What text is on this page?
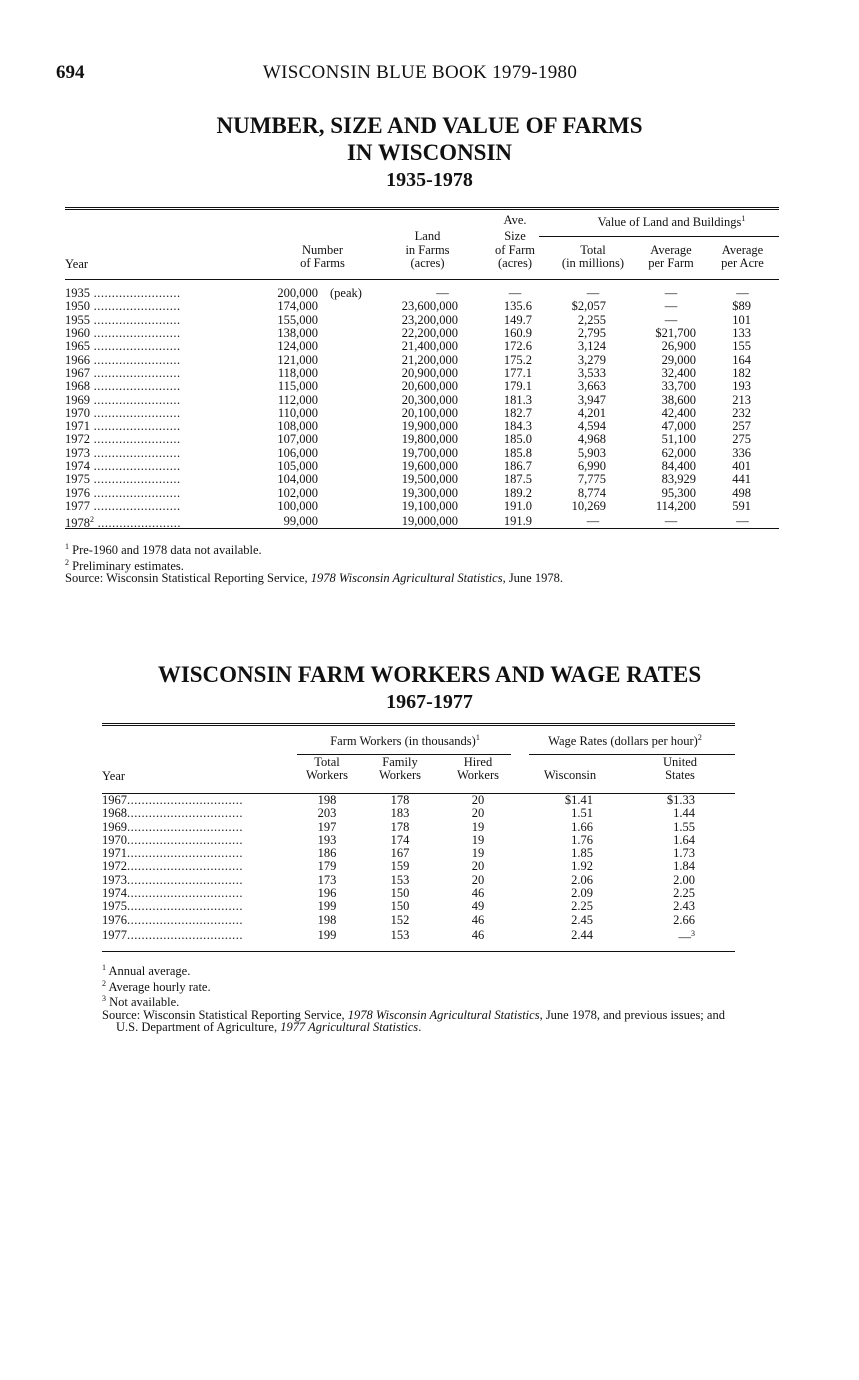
694	WISCONSIN BLUE BOOK 1979-1980
NUMBER, SIZE AND VALUE OF FARMS
IN WISCONSIN
1935-1978
			Ave.	Value of Land and Buildings$^1$
		Land	Size			
	Number	in Farms	of Farm	Total	Average	Average
Year	of Farms	(acres)	(acres)	(in millions)	per Farm	per Acre

1935 ........................	200,000 (peak)	—	—	—	—	—
1950 ........................	174,000	23,600,000	135.6	$2,057	—	$89
1955 ........................	155,000	23,200,000	149.7	2,255	—	101
1960 ........................	138,000	22,200,000	160.9	2,795	$21,700	133
1965 ........................	124,000	21,400,000	172.6	3,124	26,900	155
1966 ........................	121,000	21,200,000	175.2	3,279	29,000	164
1967 ........................	118,000	20,900,000	177.1	3,533	32,400	182
1968 ........................	115,000	20,600,000	179.1	3,663	33,700	193
1969 ........................	112,000	20,300,000	181.3	3,947	38,600	213
1970 ........................	110,000	20,100,000	182.7	4,201	42,400	232
1971 ........................	108,000	19,900,000	184.3	4,594	47,000	257
1972 ........................	107,000	19,800,000	185.0	4,968	51,100	275
1973 ........................	106,000	19,700,000	185.8	5,903	62,000	336
1974 ........................	105,000	19,600,000	186.7	6,990	84,400	401
1975 ........................	104,000	19,500,000	187.5	7,775	83,929	441
1976 ........................	102,000	19,300,000	189.2	8,774	95,300	498
1977 ........................	100,000	19,100,000	191.0	10,269	114,200	591
1978$^2$ .......................	99,000	19,000,000	191.9	—	—	—
$^1$ Pre-1960 and 1978 data not available.
$^2$ Preliminary estimates.
Source: Wisconsin Statistical Reporting Service, 1978 Wisconsin Agricultural Statistics, June 1978.
WISCONSIN FARM WORKERS AND WAGE RATES
1967-1977
	Farm Workers (in thousands)$^1$			Wage Rates (dollars per hour)$^2$
	Total	Family	Hired		United
Year	Workers	Workers	Workers	Wisconsin	States

1967................................	198	178	20	$1.41	$1.33
1968................................	203	183	20	1.51	1.44
1969................................	197	178	19	1.66	1.55
1970................................	193	174	19	1.76	1.64
1971................................	186	167	19	1.85	1.73
1972................................	179	159	20	1.92	1.84
1973................................	173	153	20	2.06	2.00
1974................................	196	150	46	2.09	2.25
1975................................	199	150	49	2.25	2.43
1976................................	198	152	46	2.45	2.66
1977................................	199	153	46	2.44	—$^3$
$^1$ Annual average.
$^2$ Average hourly rate.
$^3$ Not available.
Source: Wisconsin Statistical Reporting Service, 1978 Wisconsin Agricultural Statistics, June 1978, and previous issues; and U.S. Department of Agriculture, 1977 Agricultural Statistics.
